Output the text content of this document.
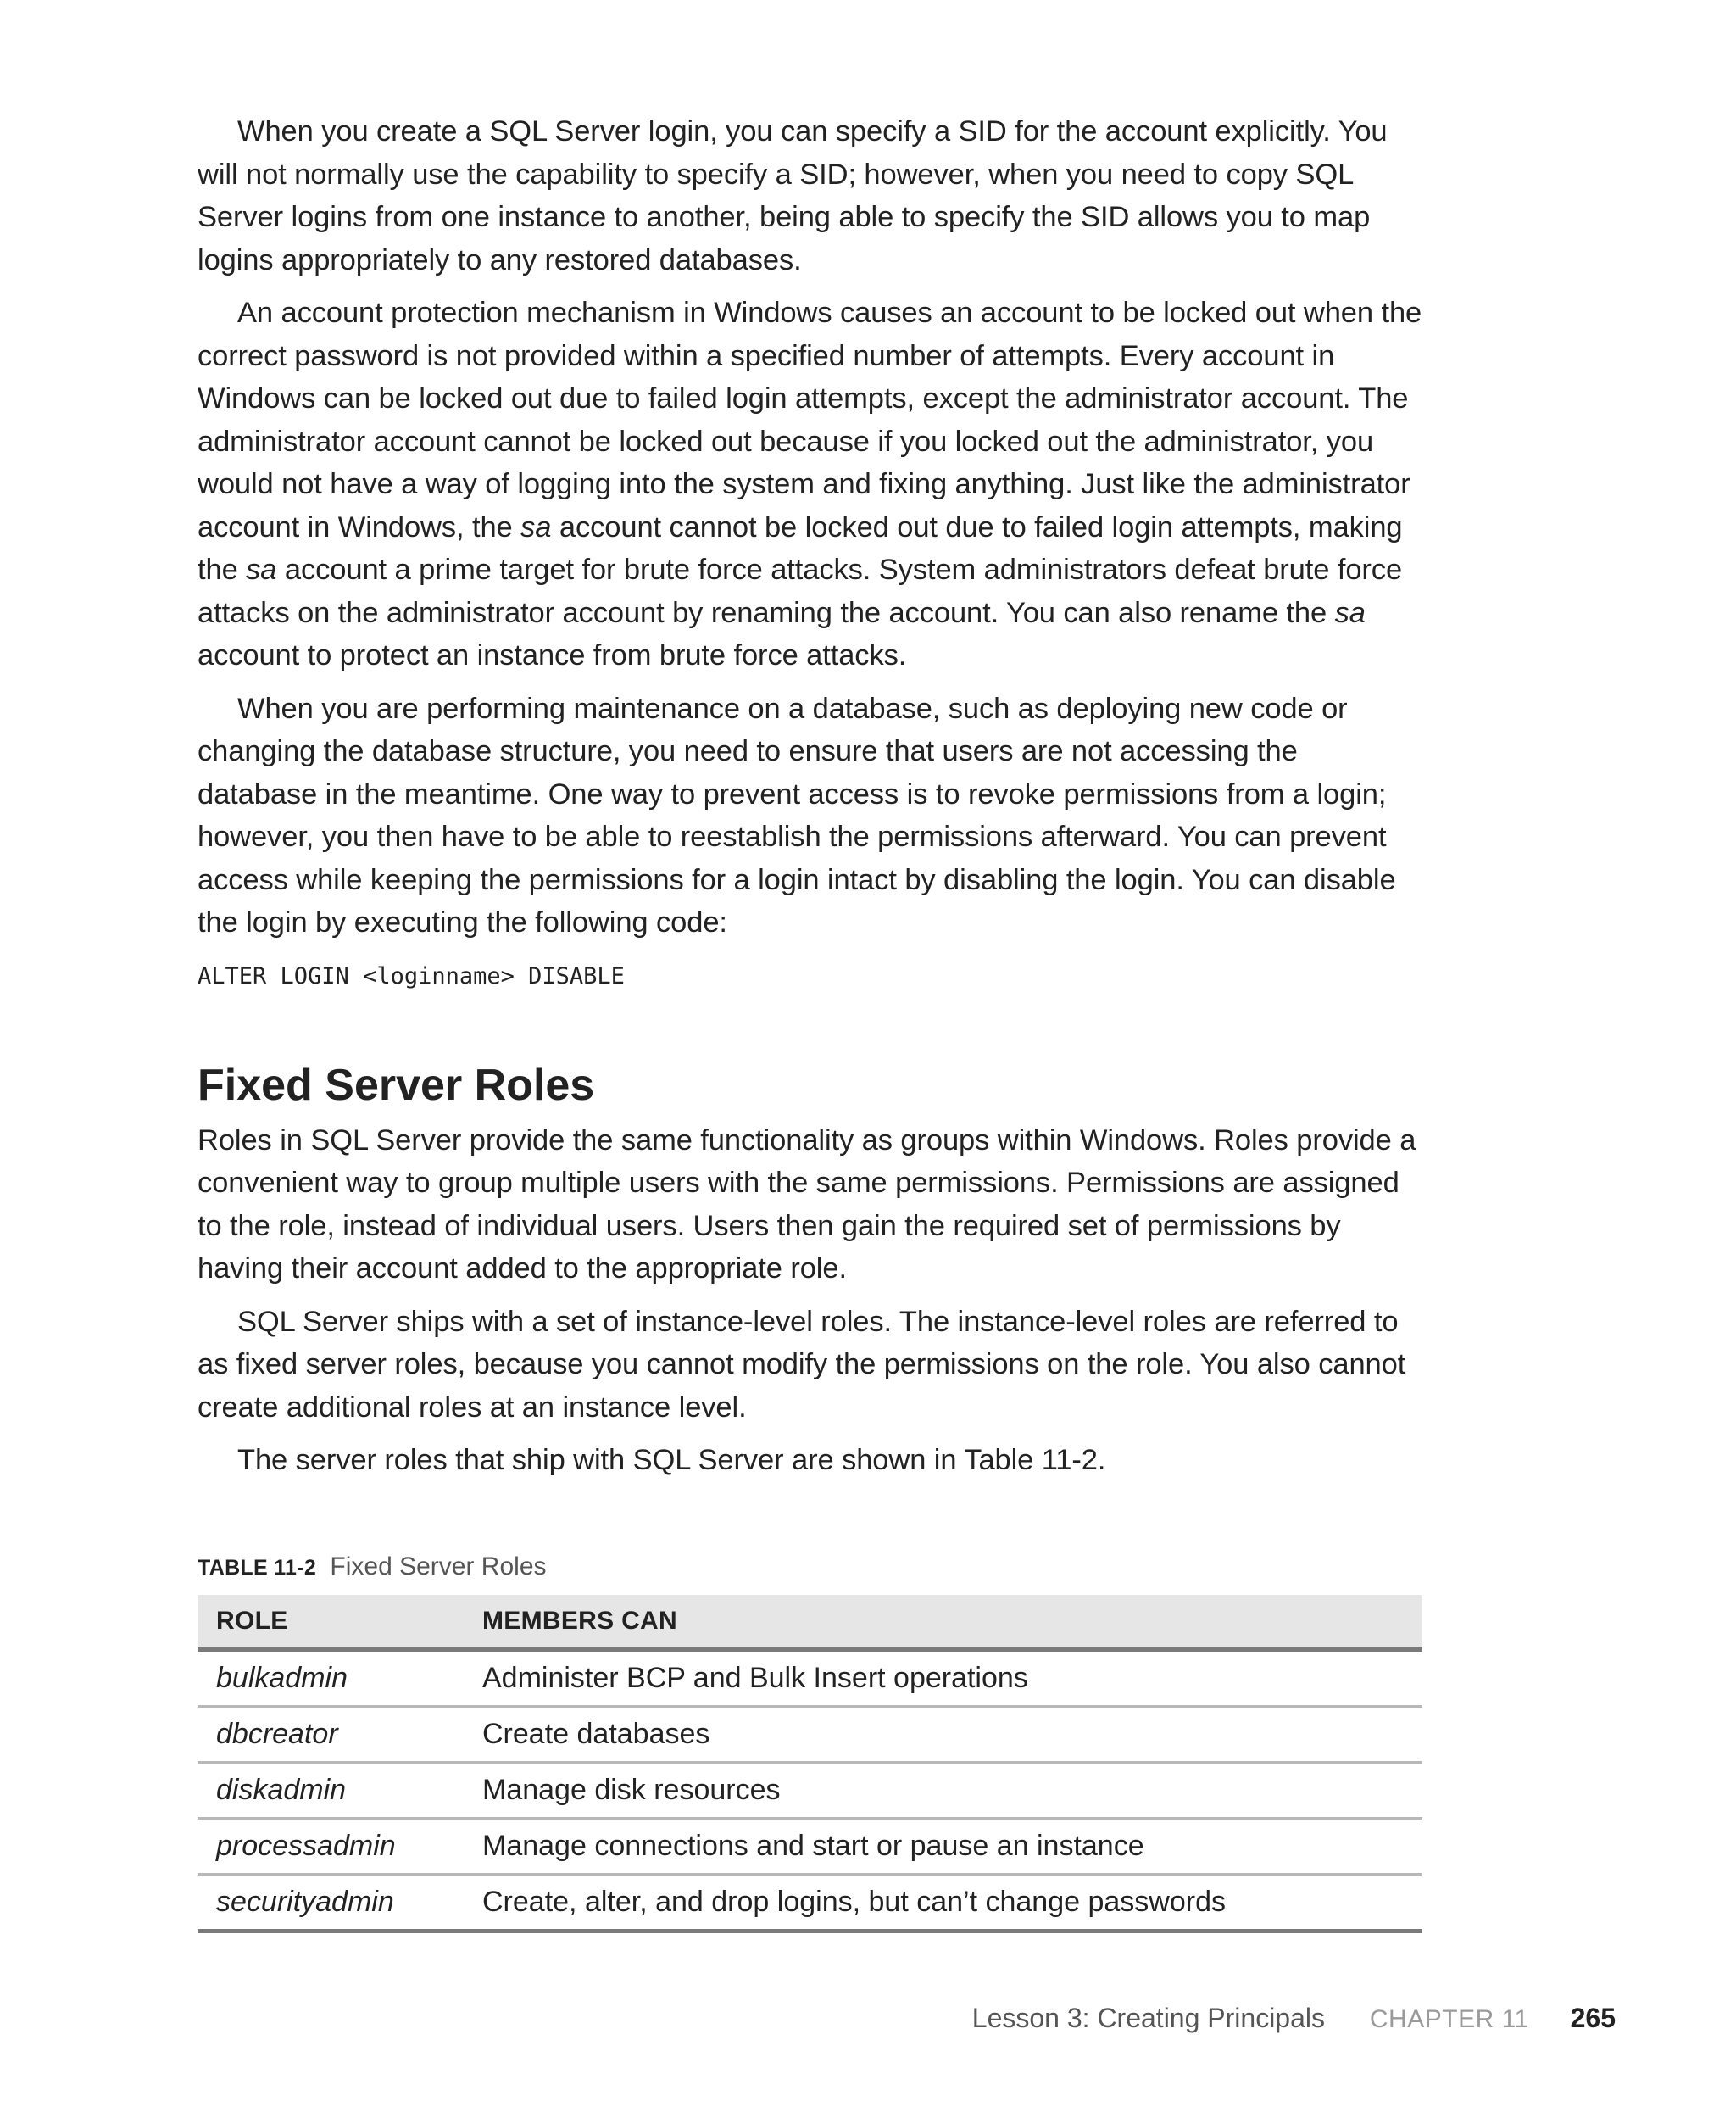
When you create a SQL Server login, you can specify a SID for the account explicitly. You will not normally use the capability to specify a SID; however, when you need to copy SQL Server logins from one instance to another, being able to specify the SID allows you to map logins appropriately to any restored databases.

An account protection mechanism in Windows causes an account to be locked out when the correct password is not provided within a specified number of attempts. Every account in Windows can be locked out due to failed login attempts, except the administrator account. The administrator account cannot be locked out because if you locked out the administrator, you would not have a way of logging into the system and fixing anything. Just like the administrator account in Windows, the sa account cannot be locked out due to failed login attempts, making the sa account a prime target for brute force attacks. System administrators defeat brute force attacks on the administrator account by renaming the account. You can also rename the sa account to protect an instance from brute force attacks.

When you are performing maintenance on a database, such as deploying new code or changing the database structure, you need to ensure that users are not accessing the database in the meantime. One way to prevent access is to revoke permissions from a login; however, you then have to be able to reestablish the permissions afterward. You can prevent access while keeping the permissions for a login intact by disabling the login. You can disable the login by executing the following code:

ALTER LOGIN <loginname> DISABLE
Fixed Server Roles

Roles in SQL Server provide the same functionality as groups within Windows. Roles provide a convenient way to group multiple users with the same permissions. Permissions are assigned to the role, instead of individual users. Users then gain the required set of permissions by having their account added to the appropriate role.

SQL Server ships with a set of instance-level roles. The instance-level roles are referred to as fixed server roles, because you cannot modify the permissions on the role. You also cannot create additional roles at an instance level.

The server roles that ship with SQL Server are shown in Table 11-2.

TABLE 11-2 Fixed Server Roles
ROLE	MEMBERS CAN
bulkadmin	Administer BCP and Bulk Insert operations
dbcreator	Create databases
diskadmin	Manage disk resources
processadmin	Manage connections and start or pause an instance
securityadmin	Create, alter, and drop logins, but can’t change passwords
Lesson 3: Creating Principals CHAPTER 11 265
